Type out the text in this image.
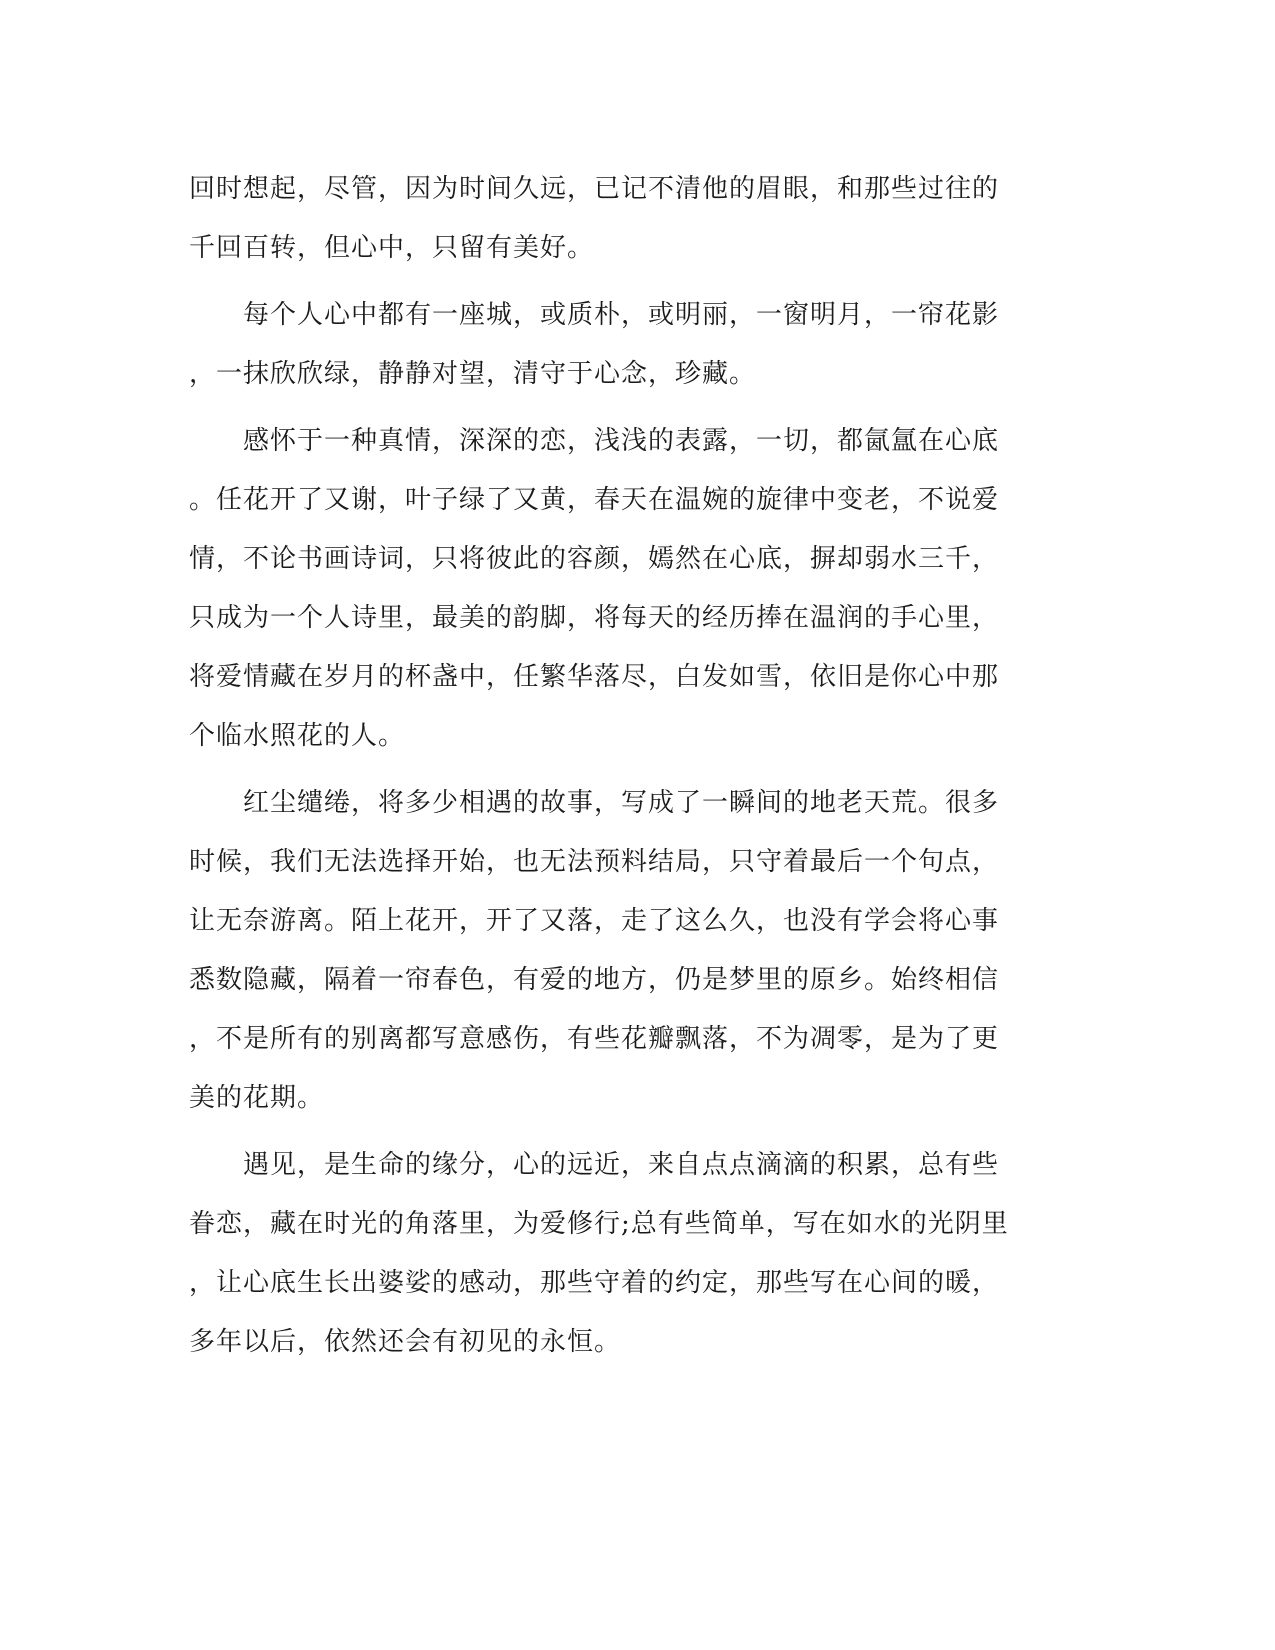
回时想起，尽管，因为时间久远，已记不清他的眉眼，和那些过往的
千回百转，但心中，只留有美好。
　　每个人心中都有一座城，或质朴，或明丽，一窗明月，一帘花影
，一抹欣欣绿，静静对望，清守于心念，珍藏。
　　感怀于一种真情，深深的恋，浅浅的表露，一切，都氤氲在心底
。任花开了又谢，叶子绿了又黄，春天在温婉的旋律中变老，不说爱
情，不论书画诗词，只将彼此的容颜，嫣然在心底，摒却弱水三千，
只成为一个人诗里，最美的韵脚，将每天的经历捧在温润的手心里，
将爱情藏在岁月的杯盏中，任繁华落尽，白发如雪，依旧是你心中那
个临水照花的人。
　　红尘缱绻，将多少相遇的故事，写成了一瞬间的地老天荒。很多
时候，我们无法选择开始，也无法预料结局，只守着最后一个句点，
让无奈游离。陌上花开，开了又落，走了这么久，也没有学会将心事
悉数隐藏，隔着一帘春色，有爱的地方，仍是梦里的原乡。始终相信
，不是所有的别离都写意感伤，有些花瓣飘落，不为凋零，是为了更
美的花期。
　　遇见，是生命的缘分，心的远近，来自点点滴滴的积累，总有些
眷恋，藏在时光的角落里，为爱修行;总有些简单，写在如水的光阴里
，让心底生长出婆娑的感动，那些守着的约定，那些写在心间的暖，
多年以后，依然还会有初见的永恒。
